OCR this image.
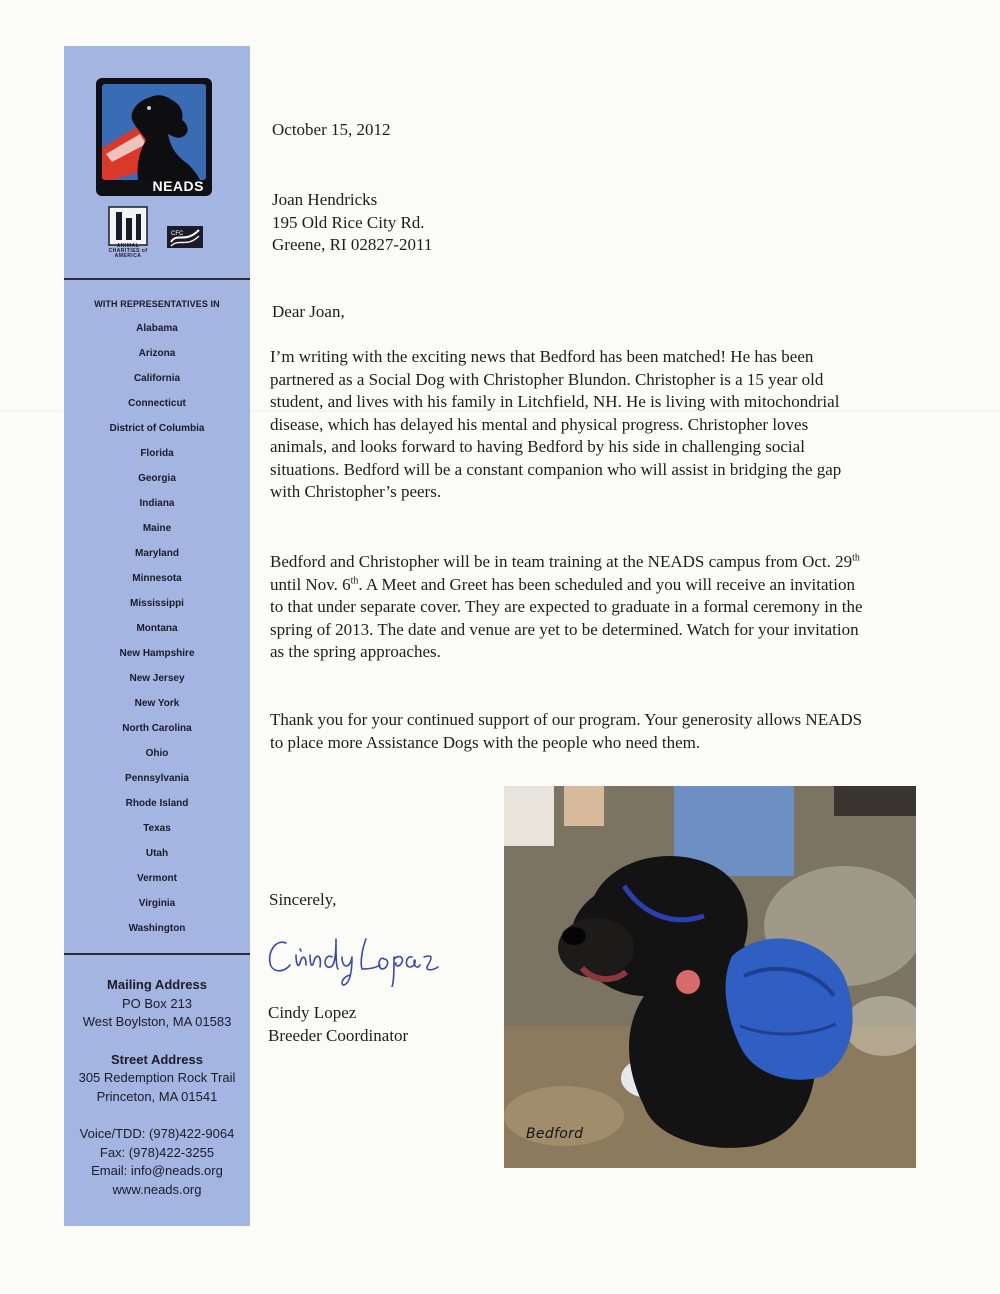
NEADS
ANIMAL CHARITIES of AMERICA
CFC
WITH REPRESENTATIVES IN
Alabama
Arizona
California
Connecticut
District of Columbia
Florida
Georgia
Indiana
Maine
Maryland
Minnesota
Mississippi
Montana
New Hampshire
New Jersey
New York
North Carolina
Ohio
Pennsylvania
Rhode Island
Texas
Utah
Vermont
Virginia
Washington
Mailing Address
PO Box 213
West Boylston, MA 01583
Street Address
305 Redemption Rock Trail
Princeton, MA 01541
Voice/TDD: (978)422-9064
Fax: (978)422-3255
Email: info@neads.org
www.neads.org
October 15, 2012
Joan Hendricks
195 Old Rice City Rd.
Greene, RI 02827-2011
Dear Joan,

I’m writing with the exciting news that Bedford has been matched! He has been partnered as a Social Dog with Christopher Blundon. Christopher is a 15 year old student, and lives with his family in Litchfield, NH. He is living with mitochondrial disease, which has delayed his mental and physical progress. Christopher loves animals, and looks forward to having Bedford by his side in challenging social situations. Bedford will be a constant companion who will assist in bridging the gap with Christopher’s peers.

Bedford and Christopher will be in team training at the NEADS campus from Oct. 29th until Nov. 6th. A Meet and Greet has been scheduled and you will receive an invitation to that under separate cover. They are expected to graduate in a formal ceremony in the spring of 2013. The date and venue are yet to be determined. Watch for your invitation as the spring approaches.

Thank you for your continued support of our program. Your generosity allows NEADS to place more Assistance Dogs with the people who need them.

Sincerely,
Cindy Lopez
Breeder Coordinator
Bedford
